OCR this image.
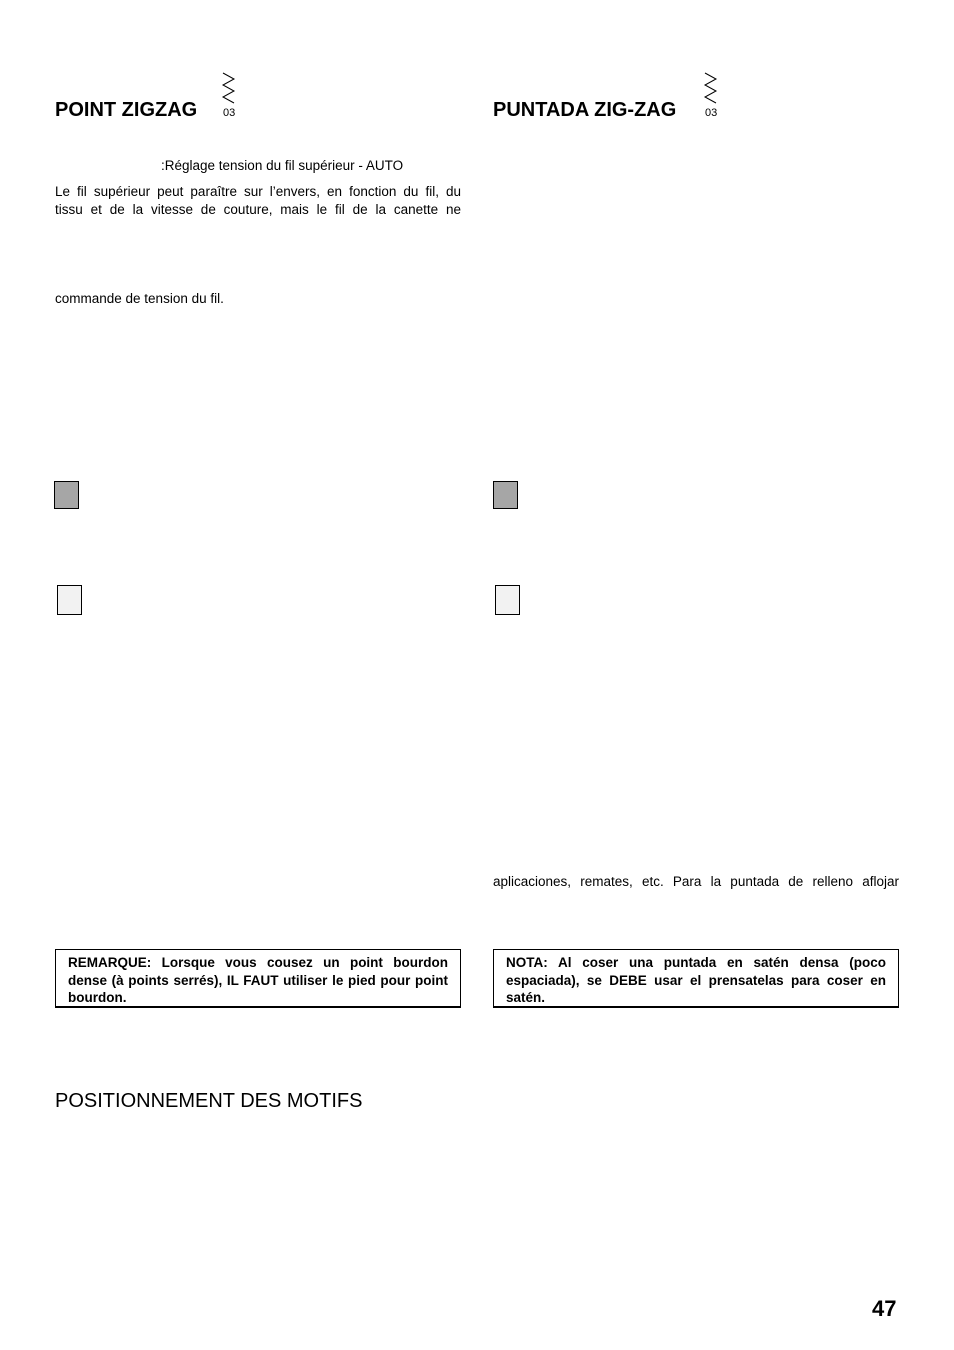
POINT ZIGZAG 03
:Réglage tension du fil supérieur - AUTO
Le fil supérieur peut paraître sur l’envers, en fonction du fil, du
tissu et de la vitesse de couture, mais le fil de la canette ne
commande de tension du fil.
REMARQUE: Lorsque vous cousez un point bourdon dense (à points serrés), IL FAUT utiliser le pied pour point bourdon.
POSITIONNEMENT DES MOTIFS
PUNTADA ZIG-ZAG	03
aplicaciones, remates, etc. Para la puntada de relleno aflojar
NOTA: Al coser una puntada en satén densa (poco espaciada), se DEBE usar el prensatelas para coser en satén.
47
